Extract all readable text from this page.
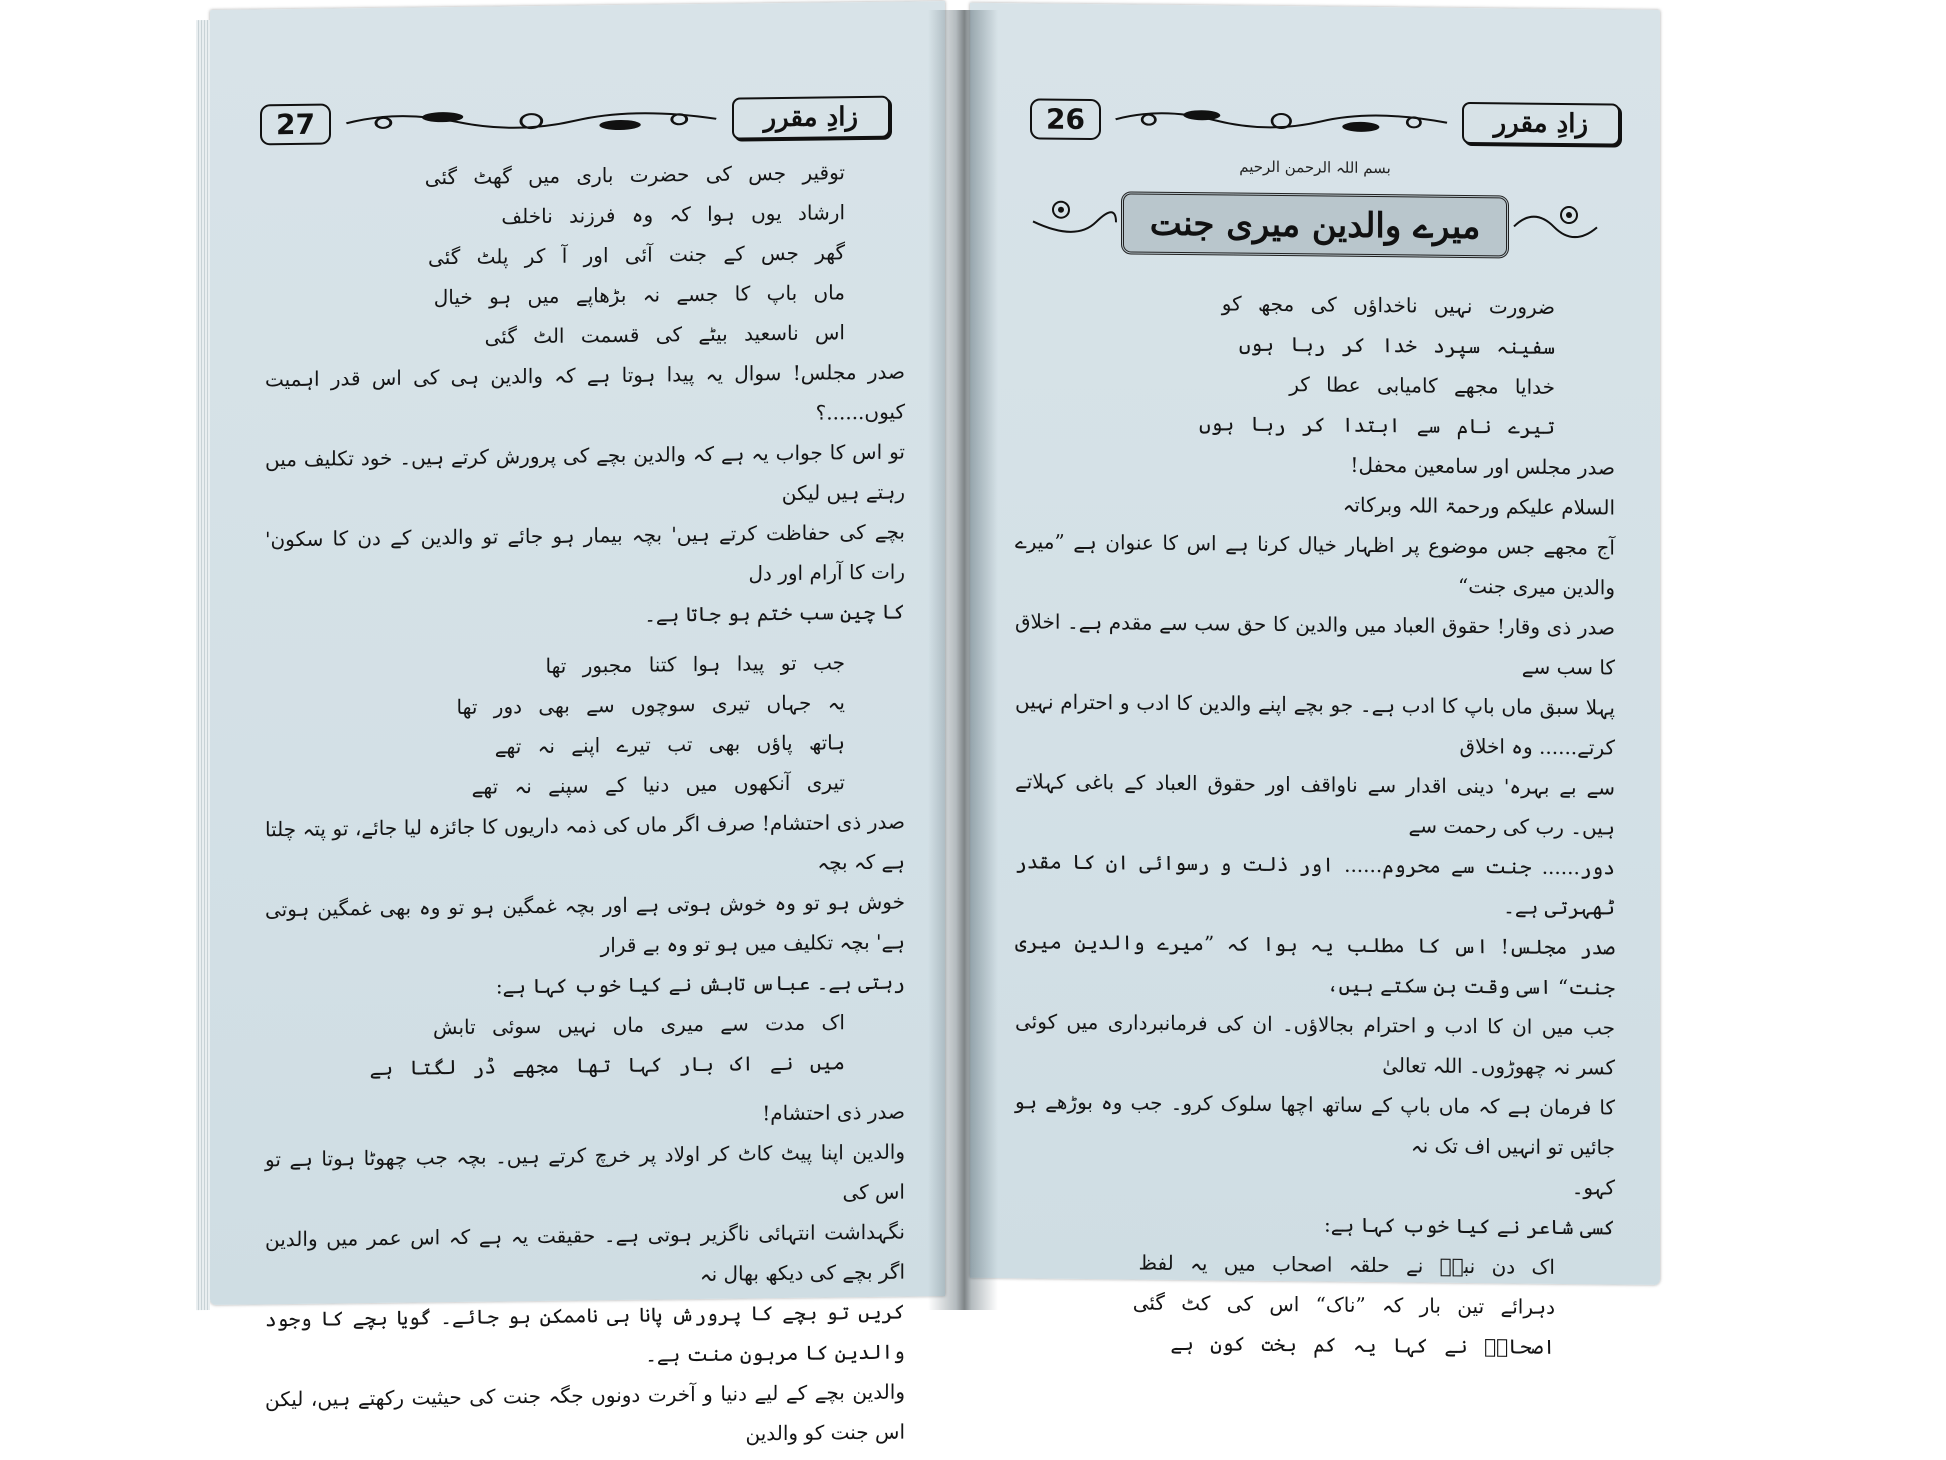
27	زادِ مقرر

توقیر جس کی حضرت باری میں گھٹ گئی

ارشاد یوں ہوا کہ وہ فرزند ناخلف

گھر جس کے جنت آئی اور آ کر پلٹ گئی

ماں باپ کا جسے نہ بڑھاپے میں ہو خیال

اس ناسعید بیٹے کی قسمت الٹ گئی

صدر مجلس! سوال یہ پیدا ہوتا ہے کہ والدین ہی کی اس قدر اہمیت کیوں......؟

تو اس کا جواب یہ ہے کہ والدین بچے کی پرورش کرتے ہیں۔ خود تکلیف میں رہتے ہیں لیکن

بچے کی حفاظت کرتے ہیں' بچہ بیمار ہو جائے تو والدین کے دن کا سکون' رات کا آرام اور دل

کا چین سب ختم ہو جاتا ہے۔

جب تو پیدا ہوا کتنا مجبور تھا

یہ جہاں تیری سوچوں سے بھی دور تھا

ہاتھ پاؤں بھی تب تیرے اپنے نہ تھے

تیری آنکھوں میں دنیا کے سپنے نہ تھے

صدر ذی احتشام! صرف اگر ماں کی ذمہ داریوں کا جائزہ لیا جائے، تو پتہ چلتا ہے کہ بچہ

خوش ہو تو وہ خوش ہوتی ہے اور بچہ غمگین ہو تو وہ بھی غمگین ہوتی ہے' بچہ تکلیف میں ہو تو وہ بے قرار

رہتی ہے۔ عباس تابش نے کیا خوب کہا ہے:

اک مدت سے میری ماں نہیں سوئی تابش

میں نے اک بار کہا تھا مجھے ڈر لگتا ہے

صدر ذی احتشام!

والدین اپنا پیٹ کاٹ کر اولاد پر خرچ کرتے ہیں۔ بچہ جب چھوٹا ہوتا ہے تو اس کی

نگہداشت انتہائی ناگزیر ہوتی ہے۔ حقیقت یہ ہے کہ اس عمر میں والدین اگر بچے کی دیکھ بھال نہ

کریں تو بچے کا پرورش پانا ہی ناممکن ہو جائے۔ گویا بچے کا وجود والدین کا مرہون منت ہے۔

والدین بچے کے لیے دنیا و آخرت دونوں جگہ جنت کی حیثیت رکھتے ہیں، لیکن اس جنت کو والدین

26	زادِ مقرر
بسم اللہ الرحمن الرحیم
میرے والدین میری جنت

ضرورت نہیں ناخداؤں کی مجھ کو

سفینہ سپرد خدا کر رہا ہوں

خدایا مجھے کامیابی عطا کر

تیرے نام سے ابتدا کر رہا ہوں

صدر مجلس اور سامعین محفل!

السلام علیکم ورحمۃ اللہ وبرکاتہ

آج مجھے جس موضوع پر اظہار خیال کرنا ہے اس کا عنوان ہے ”میرے والدین میری جنت“

صدر ذی وقار! حقوق العباد میں والدین کا حق سب سے مقدم ہے۔ اخلاق کا سب سے

پہلا سبق ماں باپ کا ادب ہے۔ جو بچے اپنے والدین کا ادب و احترام نہیں کرتے...... وہ اخلاق

سے بے بہرہ' دینی اقدار سے ناواقف اور حقوق العباد کے باغی کہلاتے ہیں۔ رب کی رحمت سے

دور...... جنت سے محروم...... اور ذلت و رسوائی ان کا مقدر ٹھہرتی ہے۔

صدر مجلس! اس کا مطلب یہ ہوا کہ ”میرے والدین میری جنت“ اسی وقت بن سکتے ہیں،

جب میں ان کا ادب و احترام بجالاؤں۔ ان کی فرمانبرداری میں کوئی کسر نہ چھوڑوں۔ اللہ تعالیٰ

کا فرمان ہے کہ ماں باپ کے ساتھ اچھا سلوک کرو۔ جب وہ بوڑھے ہو جائیں تو انہیں اف تک نہ

کہو۔

کسی شاعر نے کیا خوب کہا ہے:

اک دن نبیؐ نے حلقہ اصحاب میں یہ لفظ

دہرائے تین بار کہ ”ناک“ اس کی کٹ گئی

اصحابؓ نے کہا یہ کم بخت کون ہے
